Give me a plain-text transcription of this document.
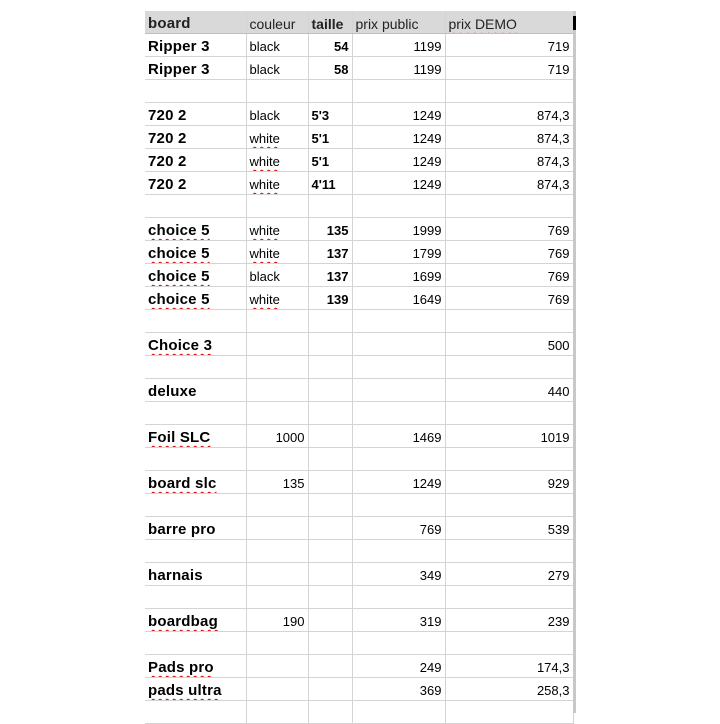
board	couleur	taille	prix public	prix DEMO
Ripper 3	black	54	1199	719
Ripper 3	black	58	1199	719

720 2	black	5'3	1249	874,3
720 2	white	5'1	1249	874,3
720 2	white	5'1	1249	874,3
720 2	white	4'11	1249	874,3

choice 5	white	135	1999	769
choice 5	white	137	1799	769
choice 5	black	137	1699	769
choice 5	white	139	1649	769

Choice 3				500

deluxe				440

Foil SLC	1000		1469	1019

board slc	135		1249	929

barre pro			769	539

harnais			349	279

boardbag	190		319	239

Pads pro			249	174,3
pads ultra			369	258,3
